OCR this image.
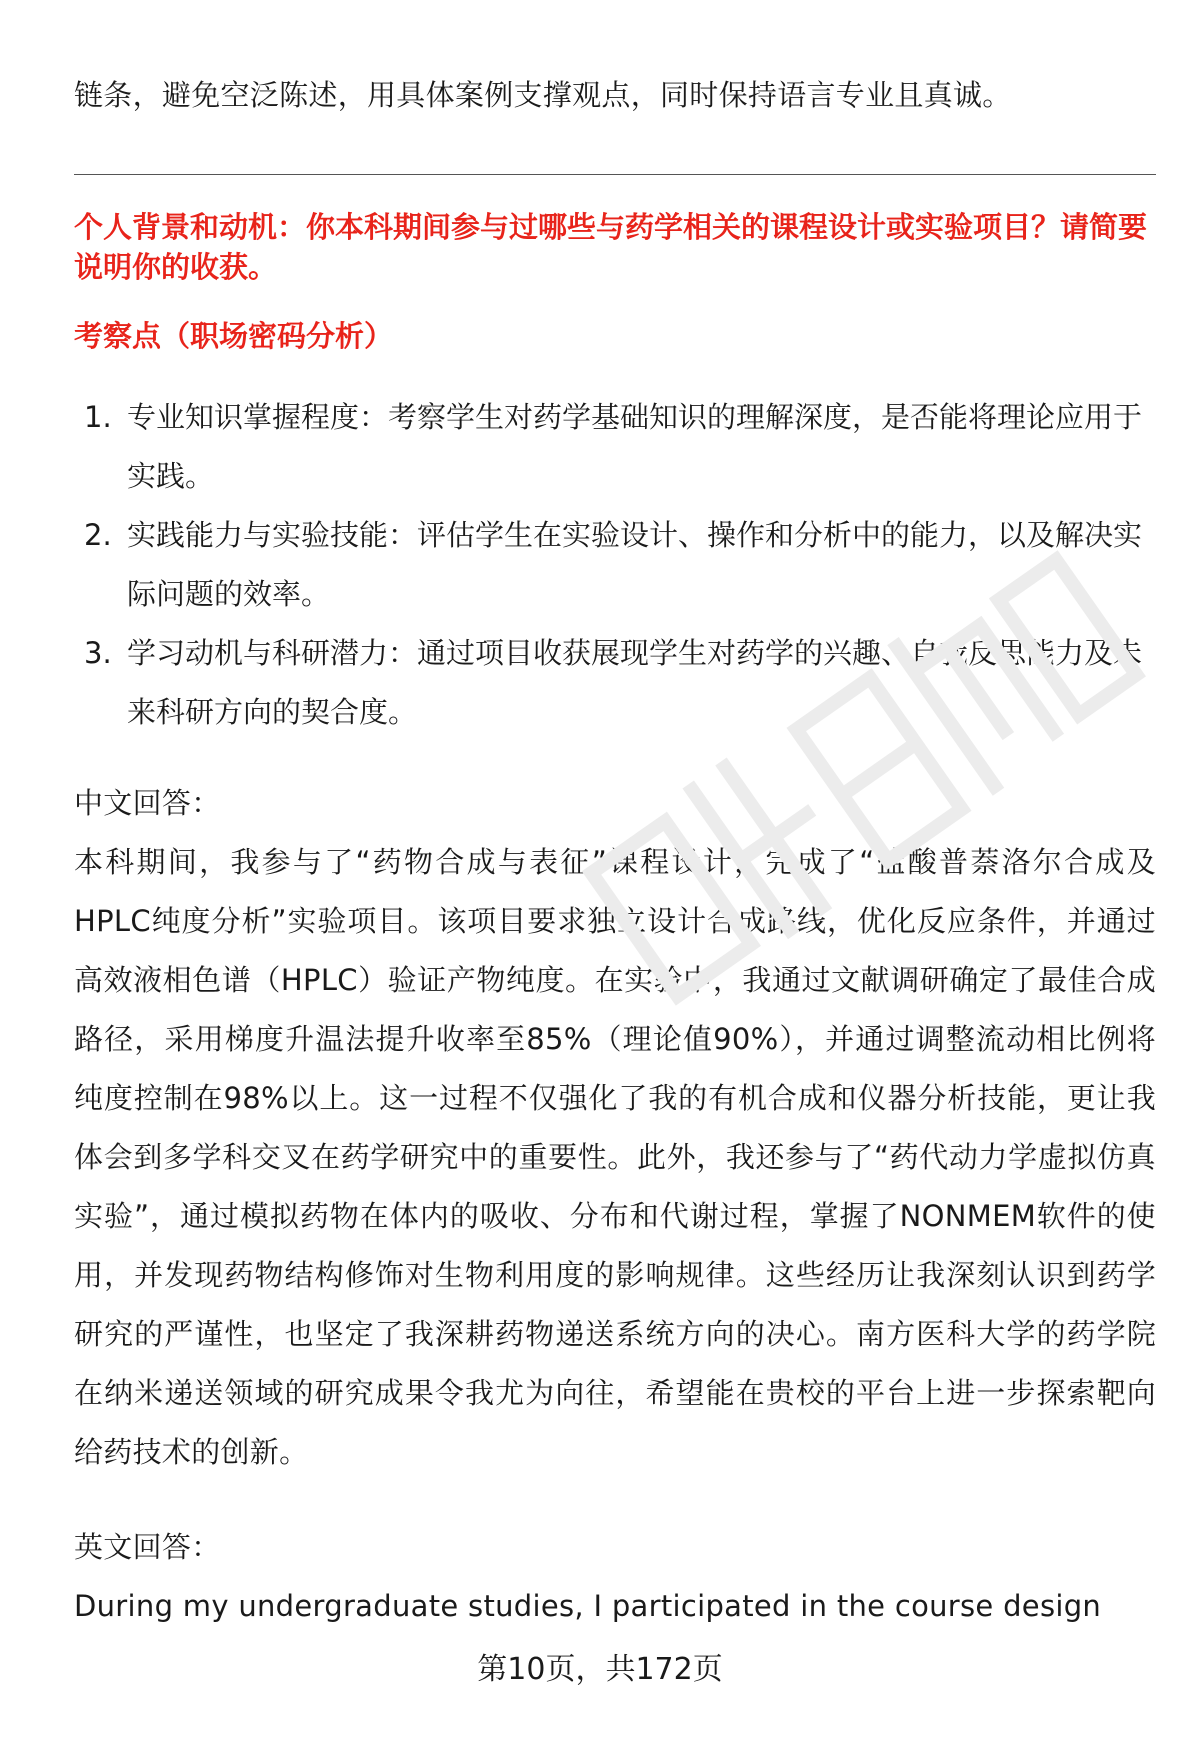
链条，避免空泛陈述，用具体案例支撑观点，同时保持语言专业且真诚。

个人背景和动机：你本科期间参与过哪些与药学相关的课程设计或实验项目？请简要说明你的收获。

考察点（职场密码分析）

1. 专业知识掌握程度：考察学生对药学基础知识的理解深度，是否能将理论应用于实践。
2. 实践能力与实验技能：评估学生在实验设计、操作和分析中的能力，以及解决实际问题的效率。
3. 学习动机与科研潜力：通过项目收获展现学生对药学的兴趣、自我反思能力及未来科研方向的契合度。

中文回答：

本科期间，我参与了“药物合成与表征”课程设计，完成了“盐酸普萘洛尔合成及HPLC纯度分析”实验项目。该项目要求独立设计合成路线，优化反应条件，并通过高效液相色谱（HPLC）验证产物纯度。在实验中，我通过文献调研确定了最佳合成路径，采用梯度升温法提升收率至85%（理论值90%），并通过调整流动相比例将纯度控制在98%以上。这一过程不仅强化了我的有机合成和仪器分析技能，更让我体会到多学科交叉在药学研究中的重要性。此外，我还参与了“药代动力学虚拟仿真实验”，通过模拟药物在体内的吸收、分布和代谢过程，掌握了NONMEM软件的使用，并发现药物结构修饰对生物利用度的影响规律。这些经历让我深刻认识到药学研究的严谨性，也坚定了我深耕药物递送系统方向的决心。南方医科大学的药学院在纳米递送领域的研究成果令我尤为向往，希望能在贵校的平台上进一步探索靶向给药技术的创新。

英文回答：

During my undergraduate studies, I participated in the course design

第10页，共172页
